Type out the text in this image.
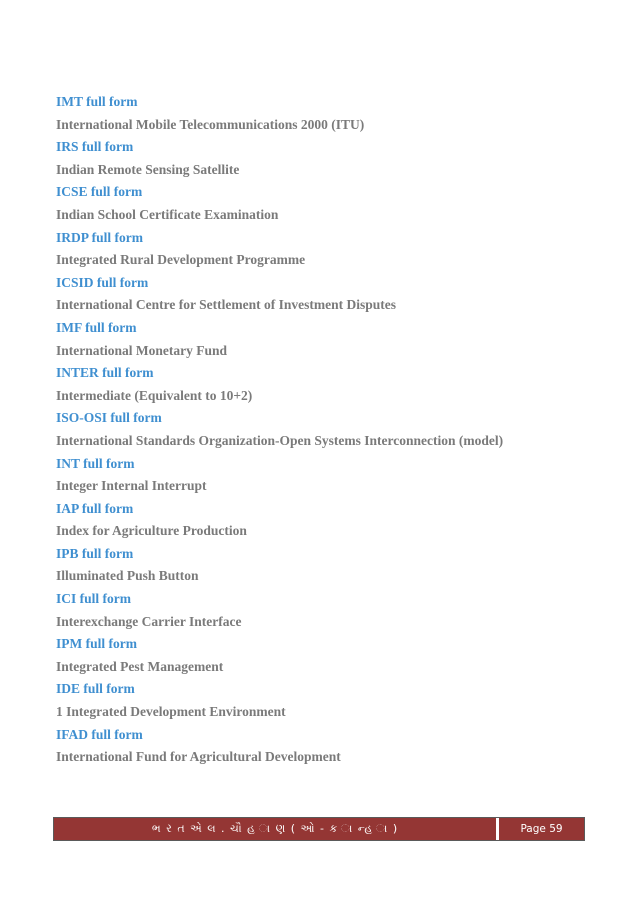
IMT full form
International Mobile Telecommunications 2000 (ITU)
IRS full form
Indian Remote Sensing Satellite
ICSE full form
Indian School Certificate Examination
IRDP full form
Integrated Rural Development Programme
ICSID full form
International Centre for Settlement of Investment Disputes
IMF full form
International Monetary Fund
INTER full form
Intermediate (Equivalent to 10+2)
ISO-OSI full form
International Standards Organization-Open Systems Interconnection (model)
INT full form
Integer Internal Interrupt
IAP full form
Index for Agriculture Production
IPB full form
Illuminated Push Button
ICI full form
Interexchange Carrier Interface
IPM full form
Integrated Pest Management
IDE full form
1 Integrated Development Environment
IFAD full form
International Fund for Agricultural Development
ભ ર ત એ લ . ચૌ હ ા ણ ( ઓ - ક ા ન્હ ા )	Page 59
